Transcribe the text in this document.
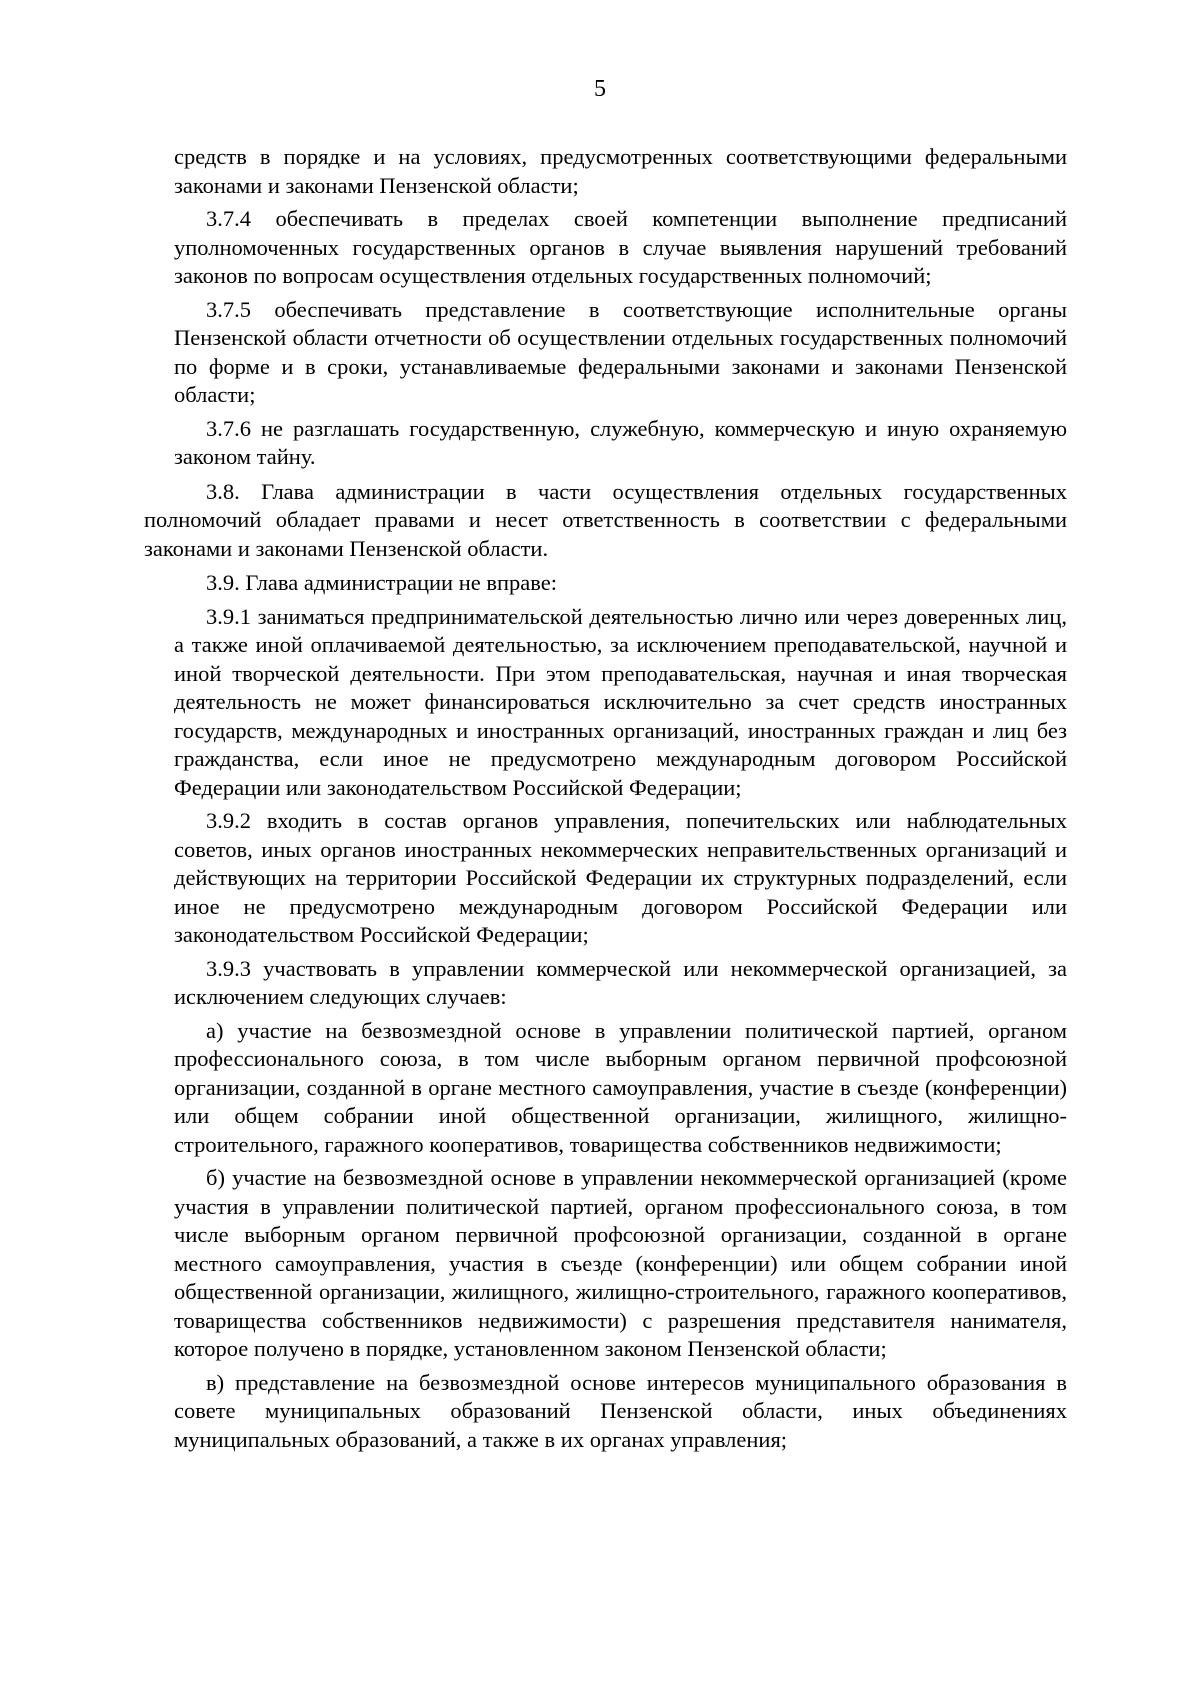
5

средств в порядке и на условиях, предусмотренных соответствующими федеральными законами и законами Пензенской области;

3.7.4 обеспечивать в пределах своей компетенции выполнение предписаний уполномоченных государственных органов в случае выявления нарушений требований законов по вопросам осуществления отдельных государственных полномочий;

3.7.5 обеспечивать представление в соответствующие исполнительные органы Пензенской области отчетности об осуществлении отдельных государственных полномочий по форме и в сроки, устанавливаемые федеральными законами и законами Пензенской области;

3.7.6 не разглашать государственную, служебную, коммерческую и иную охраняемую законом тайну.

3.8. Глава администрации в части осуществления отдельных государственных полномочий обладает правами и несет ответственность в соответствии с федеральными законами и законами Пензенской области.

3.9. Глава администрации не вправе:

3.9.1 заниматься предпринимательской деятельностью лично или через доверенных лиц, а также иной оплачиваемой деятельностью, за исключением преподавательской, научной и иной творческой деятельности. При этом преподавательская, научная и иная творческая деятельность не может финансироваться исключительно за счет средств иностранных государств, международных и иностранных организаций, иностранных граждан и лиц без гражданства, если иное не предусмотрено международным договором Российской Федерации или законодательством Российской Федерации;

3.9.2 входить в состав органов управления, попечительских или наблюдательных советов, иных органов иностранных некоммерческих неправительственных организаций и действующих на территории Российской Федерации их структурных подразделений, если иное не предусмотрено международным договором Российской Федерации или законодательством Российской Федерации;

3.9.3 участвовать в управлении коммерческой или некоммерческой организацией, за исключением следующих случаев:

а) участие на безвозмездной основе в управлении политической партией, органом профессионального союза, в том числе выборным органом первичной профсоюзной организации, созданной в органе местного самоуправления, участие в съезде (конференции) или общем собрании иной общественной организации, жилищного, жилищно-строительного, гаражного кооперативов, товарищества собственников недвижимости;

б) участие на безвозмездной основе в управлении некоммерческой организацией (кроме участия в управлении политической партией, органом профессионального союза, в том числе выборным органом первичной профсоюзной организации, созданной в органе местного самоуправления, участия в съезде (конференции) или общем собрании иной общественной организации, жилищного, жилищно-строительного, гаражного кооперативов, товарищества собственников недвижимости) с разрешения представителя нанимателя, которое получено в порядке, установленном законом Пензенской области;

в) представление на безвозмездной основе интересов муниципального образования в совете муниципальных образований Пензенской области, иных объединениях муниципальных образований, а также в их органах управления;
